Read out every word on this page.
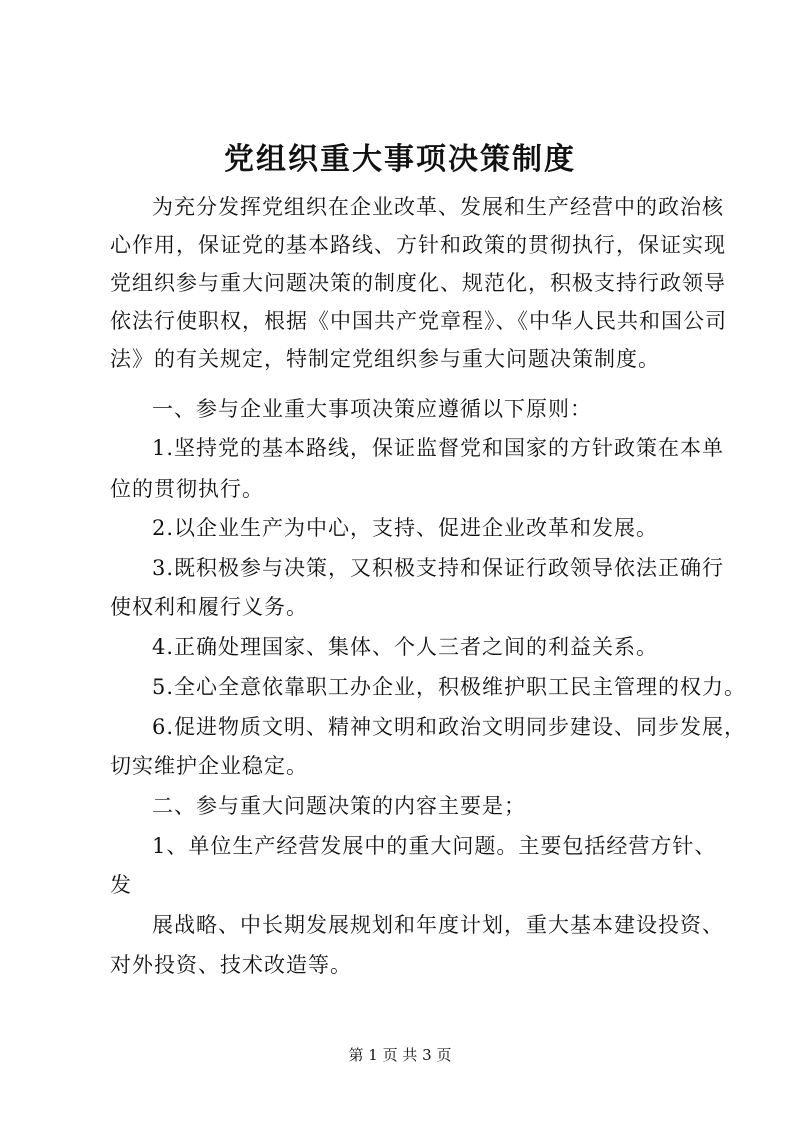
党组织重大事项决策制度
为充分发挥党组织在企业改革、发展和生产经营中的政治核
心作用，保证党的基本路线、方针和政策的贯彻执行，保证实现
党组织参与重大问题决策的制度化、规范化，积极支持行政领导
依法行使职权，根据《中国共产党章程》、《中华人民共和国公司
法》的有关规定，特制定党组织参与重大问题决策制度。
一、参与企业重大事项决策应遵循以下原则：
1.坚持党的基本路线，保证监督党和国家的方针政策在本单
位的贯彻执行。
2.以企业生产为中心，支持、促进企业改革和发展。
3.既积极参与决策，又积极支持和保证行政领导依法正确行
使权利和履行义务。
4.正确处理国家、集体、个人三者之间的利益关系。
5.全心全意依靠职工办企业，积极维护职工民主管理的权力。
6.促进物质文明、精神文明和政治文明同步建设、同步发展，
切实维护企业稳定。
二、参与重大问题决策的内容主要是；
1、单位生产经营发展中的重大问题。主要包括经营方针、
发
展战略、中长期发展规划和年度计划，重大基本建设投资、
对外投资、技术改造等。
第 1 页 共 3 页
